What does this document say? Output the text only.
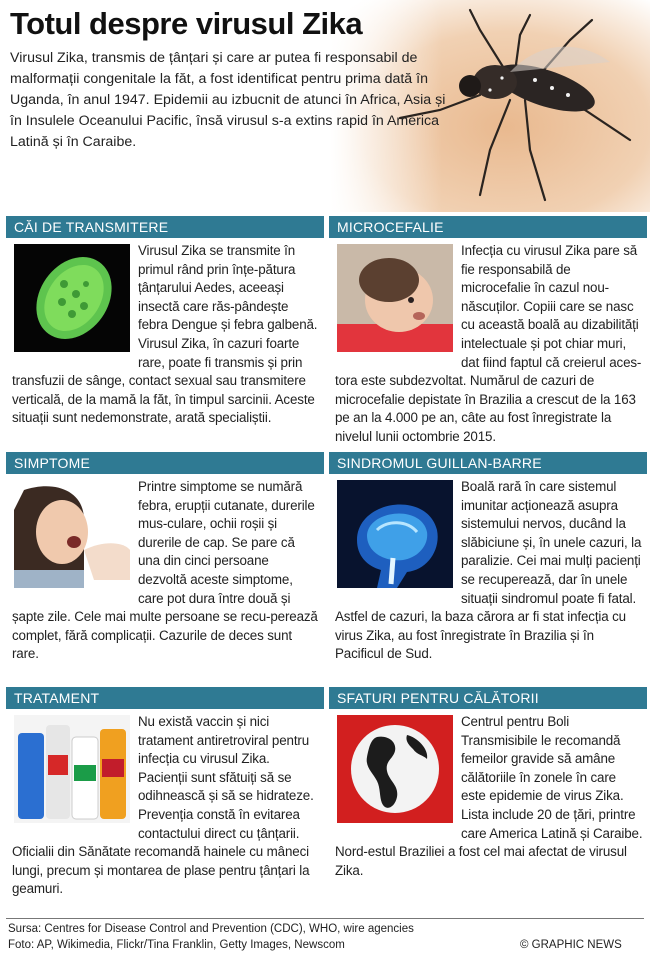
Totul despre virusul Zika
Virusul Zika, transmis de țânțari și care ar putea fi responsabil de malformații congenitale la făt, a fost identificat pentru prima dată în Uganda, în anul 1947. Epidemii au izbucnit de atunci în Africa, Asia și în Insulele Oceanului Pacific, însă virusul s-a extins rapid în America Latină și în Caraibe.
CĂI DE TRANSMITERE
Virusul Zika se transmite în primul rând prin înțe-pătura țânțarului Aedes, aceeași insectă care răs-pândește febra Dengue și febra galbenă. Virusul Zika, în cazuri foarte rare, poate fi transmis și prin transfuzii de sânge, contact sexual sau transmitere verticală, de la mamă la făt, în timpul sarcinii. Aceste situații sunt nedemonstrate, arată specialiștii.
MICROCEFALIE
Infecția cu virusul Zika pare să fie responsabilă de microcefalie în cazul nou-născuților. Copiii care se nasc cu această boală au dizabilități intelectuale și pot chiar muri, dat fiind faptul că creierul aces-tora este subdezvoltat. Numărul de cazuri de microcefalie depistate în Brazilia a crescut de la 163 pe an la 4.000 pe an, câte au fost înregistrate la nivelul lunii octombrie 2015.
SIMPTOME
Printre simptome se numără febra, erupții cutanate, durerile mus-culare, ochii roșii și durerile de cap. Se pare că una din cinci persoane dezvoltă aceste simptome, care pot dura între două și șapte zile. Cele mai multe persoane se recu-perează complet, fără complicații. Cazurile de deces sunt rare.
SINDROMUL GUILLAN-BARRE
Boală rară în care sistemul imunitar acționează asupra sistemului nervos, ducând la slăbiciune și, în unele cazuri, la paralizie. Cei mai mulți pacienți se recuperează, dar în unele situații sindromul poate fi fatal. Astfel de cazuri, la baza cărora ar fi stat infecția cu virus Zika, au fost înregistrate în Brazilia și în Pacificul de Sud.
TRATAMENT
Nu există vaccin și nici tratament antiretroviral pentru infecția cu virusul Zika. Pacienții sunt sfătuiți să se odihnească și să se hidrateze. Prevenția constă în evitarea contactului direct cu țânțarii. Oficialii din Sănătate recomandă hainele cu mâneci lungi, precum și montarea de plase pentru țânțari la geamuri.
SFATURI PENTRU CĂLĂTORII
Centrul pentru Boli Transmisibile le recomandă femeilor gravide să amâne călătoriile în zonele în care este epidemie de virus Zika. Lista include 20 de țări, printre care America Latină și Caraibe. Nord-estul Braziliei a fost cel mai afectat de virusul Zika.
Sursa: Centres for Disease Control and Prevention (CDC), WHO, wire agencies
Foto: AP, Wikimedia, Flickr/Tina Franklin, Getty Images, Newscom	© GRAPHIC NEWS
